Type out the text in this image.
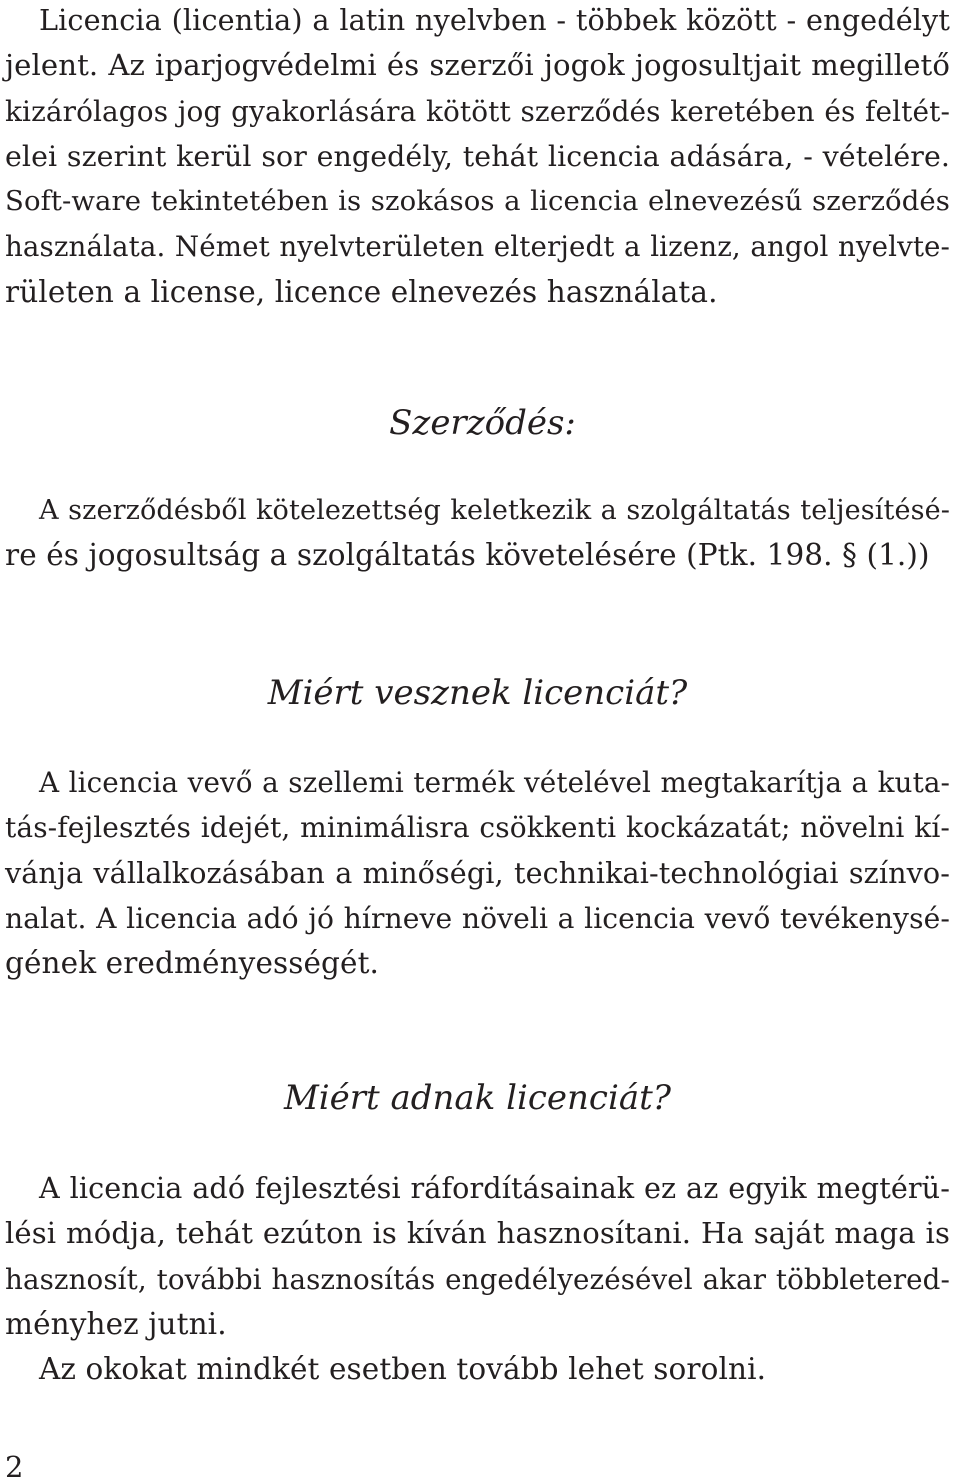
Licencia (licentia) a latin nyelvben - többek között - engedélyt
jelent. Az iparjogvédelmi és szerzői jogok jogosultjait megillető
kizárólagos jog gyakorlására kötött szerződés keretében és feltét-
elei szerint kerül sor engedély, tehát licencia adására, - vételére.
Soft-ware tekintetében is szokásos a licencia elnevezésű szerződés
használata. Német nyelvterületen elterjedt a lizenz, angol nyelvte-
rületen a license, licence elnevezés használata.
Szerződés:
A szerződésből kötelezettség keletkezik a szolgáltatás teljesítésé-
re és jogosultság a szolgáltatás követelésére (Ptk. 198. § (1.))
Miért vesznek licenciát?
A licencia vevő a szellemi termék vételével megtakarítja a kuta-
tás-fejlesztés idejét, minimálisra csökkenti kockázatát; növelni kí-
vánja vállalkozásában a minőségi, technikai-technológiai színvo-
nalat. A licencia adó jó hírneve növeli a licencia vevő tevékenysé-
gének eredményességét.
Miért adnak licenciát?
A licencia adó fejlesztési ráfordításainak ez az egyik megtérü-
lési módja, tehát ezúton is kíván hasznosítani. Ha saját maga is
hasznosít, további hasznosítás engedélyezésével akar többletered-
ményhez jutni.
Az okokat mindkét esetben tovább lehet sorolni.
2
